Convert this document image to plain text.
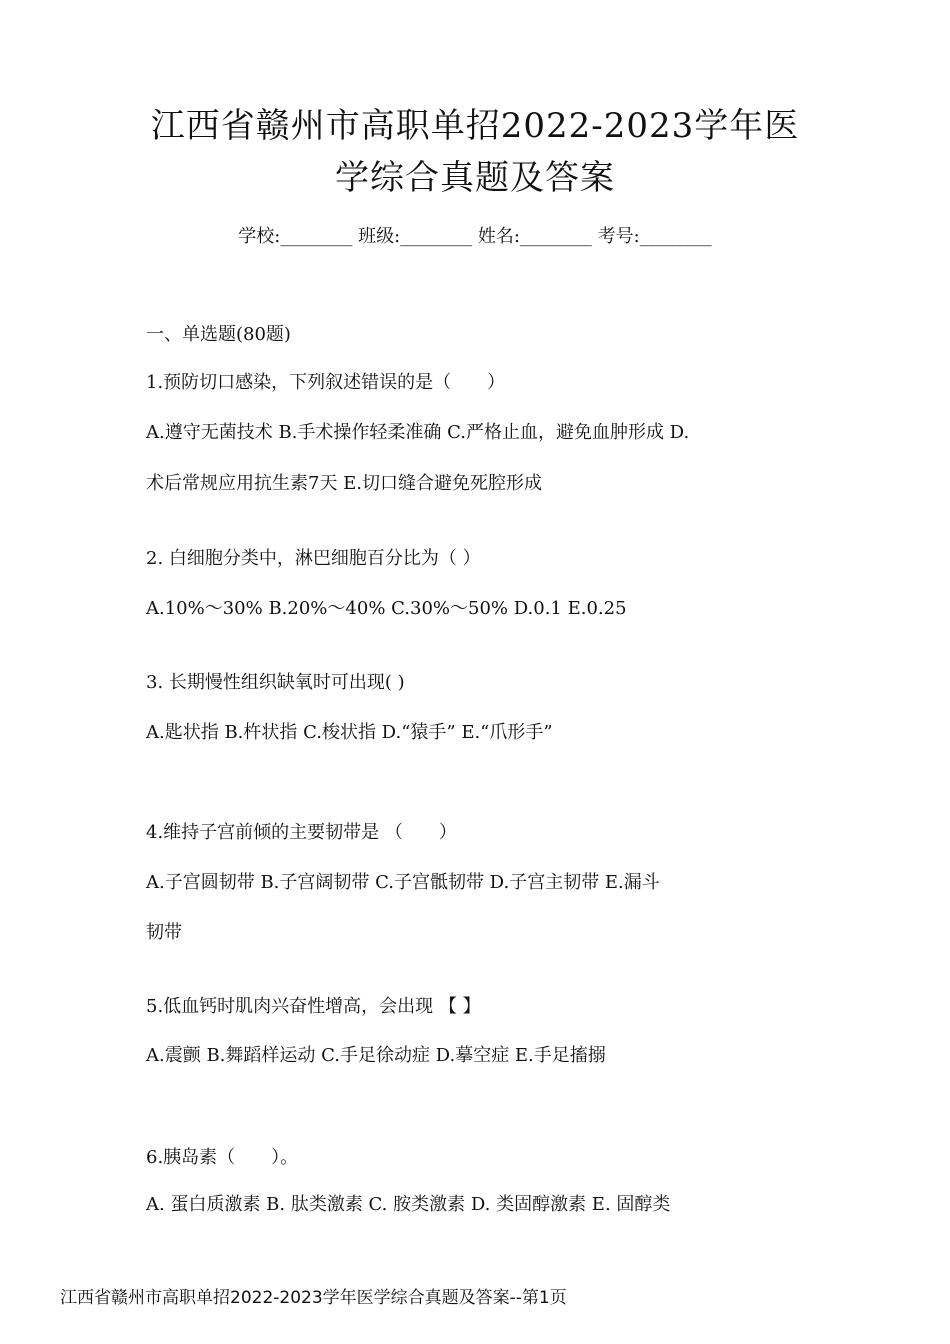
江西省赣州市高职单招2022-2023学年医
学综合真题及答案
学校:________ 班级:________ 姓名:________ 考号:________
一、单选题(80题)
1.预防切口感染，下列叙述错误的是（　　）
A.遵守无菌技术 B.手术操作轻柔准确 C.严格止血，避免血肿形成 D.
术后常规应用抗生素7天 E.切口缝合避免死腔形成
2. 白细胞分类中，淋巴细胞百分比为（ ）
A.10%～30% B.20%～40% C.30%～50% D.0.1 E.0.25
3. 长期慢性组织缺氧时可出现( )
A.匙状指 B.杵状指 C.梭状指 D.“猿手” E.“爪形手”
4.维持子宫前倾的主要韧带是 （　　）
A.子宫圆韧带 B.子宫阔韧带 C.子宫骶韧带 D.子宫主韧带 E.漏斗
韧带
5.低血钙时肌肉兴奋性增高，会出现 【 】
A.震颤 B.舞蹈样运动 C.手足徐动症 D.摹空症 E.手足搐搦
6.胰岛素（　　）。
A. 蛋白质激素 B. 肽类激素 C. 胺类激素 D. 类固醇激素 E. 固醇类
江西省赣州市高职单招2022-2023学年医学综合真题及答案--第1页
